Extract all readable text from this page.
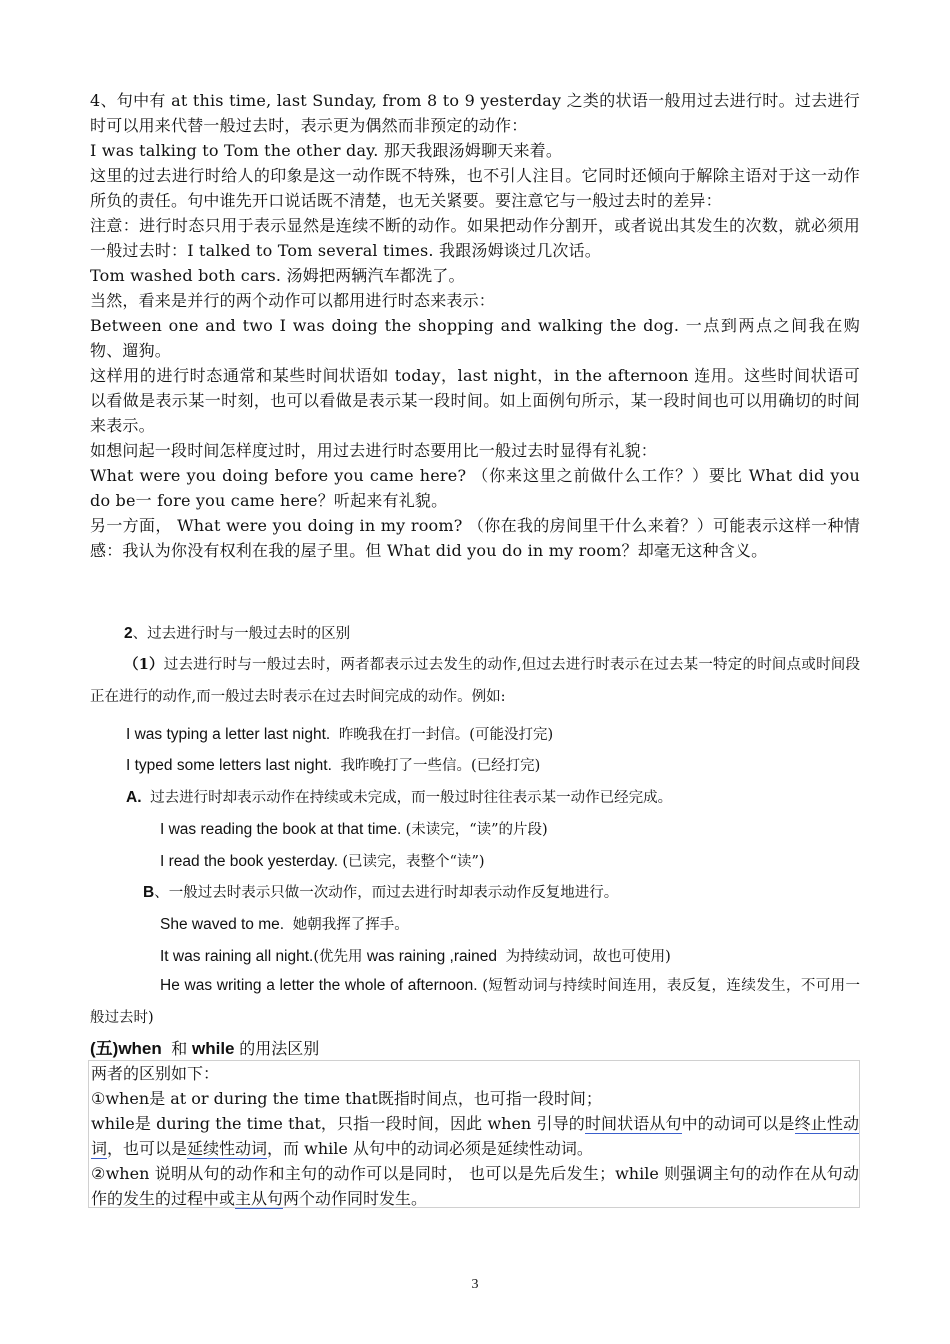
4、句中有 at this time, last Sunday, from 8 to 9 yesterday 之类的状语一般用过去进行时。过去进行时可以用来代替一般过去时，表示更为偶然而非预定的动作：

I was talking to Tom the other day. 那天我跟汤姆聊天来着。

这里的过去进行时给人的印象是这一动作既不特殊，也不引人注目。它同时还倾向于解除主语对于这一动作所负的责任。句中谁先开口说话既不清楚，也无关紧要。要注意它与一般过去时的差异：

注意：进行时态只用于表示显然是连续不断的动作。如果把动作分割开，或者说出其发生的次数，就必须用一般过去时：I talked to Tom several times. 我跟汤姆谈过几次话。

Tom washed both cars. 汤姆把两辆汽车都洗了。

当然，看来是并行的两个动作可以都用进行时态来表示：

Between one and two I was doing the shopping and walking the dog. 一点到两点之间我在购物、遛狗。

这样用的进行时态通常和某些时间状语如 today，last night，in the afternoon 连用。这些时间状语可以看做是表示某一时刻，也可以看做是表示某一段时间。如上面例句所示，某一段时间也可以用确切的时间来表示。

如想问起一段时间怎样度过时，用过去进行时态要用比一般过去时显得有礼貌：

What were you doing before you came here? （你来这里之前做什么工作？）要比 What did you do be一 fore you came here？听起来有礼貌。

另一方面， What were you doing in my room? （你在我的房间里干什么来着？）可能表示这样一种情感：我认为你没有权利在我的屋子里。但 What did you do in my room？却毫无这种含义。

2、过去进行时与一般过去时的区别
（1）过去进行时与一般过去时，两者都表示过去发生的动作,但过去进行时表示在过去某一特定的时间点或时间段正在进行的动作,而一般过去时表示在过去时间完成的动作。例如:
I was typing a letter last night. 昨晚我在打一封信。(可能没打完)
I typed some letters last night. 我昨晚打了一些信。(已经打完)
A. 过去进行时却表示动作在持续或未完成，而一般过时往往表示某一动作已经完成。
I was reading the book at that time. (未读完，“读”的片段)
I read the book yesterday. (已读完，表整个“读”)
B、一般过去时表示只做一次动作，而过去进行时却表示动作反复地进行。
She waved to me. 她朝我挥了挥手。
It was raining all night.(优先用 was raining ,rained 为持续动词，故也可使用)
He was writing a letter the whole of afternoon. (短暂动词与持续时间连用，表反复，连续发生，不可用一般过去时)
(五)when 和 while 的用法区别

两者的区别如下：

①when是 at or during the time that既指时间点，也可指一段时间；

while是 during the time that，只指一段时间，因此 when 引导的时间状语从句中的动词可以是终止性动词，也可以是延续性动词，而 while 从句中的动词必须是延续性动词。

②when 说明从句的动作和主句的动作可以是同时， 也可以是先后发生；while 则强调主句的动作在从句动作的发生的过程中或主从句两个动作同时发生。

3
